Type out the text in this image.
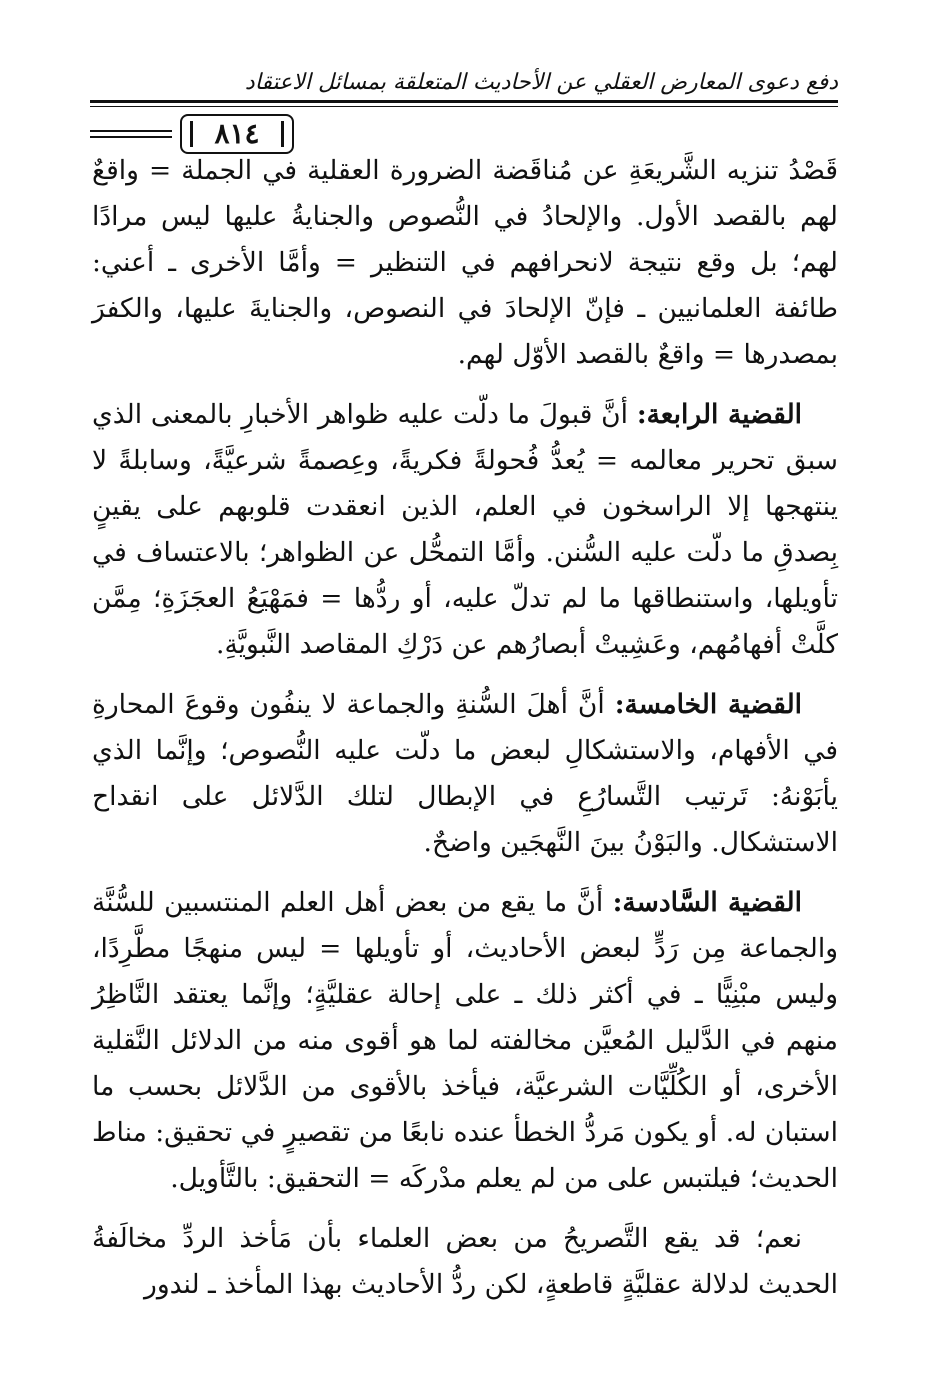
دفع دعوى المعارض العقلي عن الأحاديث المتعلقة بمسائل الاعتقاد
٨١٤

قَصْدُ تنزيه الشَّريعَةِ عن مُناقَضة الضرورة العقلية في الجملة = واقعٌ لهم بالقصد الأول. والإلحادُ في النُّصوص والجنايةُ عليها ليس مرادًا لهم؛ بل وقع نتيجة لانحرافهم في التنظير = وأمَّا الأخرى ـ أعني: طائفة العلمانيين ـ فإنّ الإلحادَ في النصوص، والجنايةَ عليها، والكفرَ بمصدرها = واقعٌ بالقصد الأوّل لهم.

القضية الرابعة: أنَّ قبولَ ما دلّت عليه ظواهر الأخبارِ بالمعنى الذي سبق تحرير معالمه = يُعدُّ فُحولةً فكريةً، وعِصمةً شرعيَّةً، وسابلةً لا ينتهجها إلا الراسخون في العلم، الذين انعقدت قلوبهم على يقينٍ بِصدقِ ما دلّت عليه السُّنن. وأمَّا التمحُّل عن الظواهر؛ بالاعتساف في تأويلها، واستنطاقها ما لم تدلّ عليه، أو ردُّها = فمَهْيَعُ العجَزَةِ؛ مِمَّن كلَّتْ أفهامُهم، وعَشِيتْ أبصارُهم عن دَرْكِ المقاصد النَّبويَّةِ.

القضية الخامسة: أنَّ أهلَ السُّنةِ والجماعة لا ينفُون وقوعَ المحارةِ في الأفهام، والاستشكالِ لبعض ما دلّت عليه النُّصوص؛ وإنَّما الذي يأبَوْنهُ: تَرتيب التَّسارُعِ في الإبطال لتلك الدَّلائل على انقداح الاستشكال. والبَوْنُ بينَ النَّهجَين واضحٌ.

القضية السَّادسة: أنَّ ما يقع من بعض أهل العلم المنتسبين للسُّنَّة والجماعة مِن رَدٍّ لبعض الأحاديث، أو تأويلها = ليس منهجًا مطَّرِدًا، وليس مبْنِيًّا ـ في أكثر ذلك ـ على إحالة عقليَّةٍ؛ وإنَّما يعتقد النَّاظِرُ منهم في الدَّليل المُعيَّن مخالفته لما هو أقوى منه من الدلائل النَّقلية الأخرى، أو الكُلِّيَّات الشرعيَّة، فيأخذ بالأقوى من الدَّلائل بحسب ما استبان له. أو يكون مَردُّ الخطأ عنده نابعًا من تقصيرٍ في تحقيق: مناط الحديث؛ فيلتبس على من لم يعلم مدْركَه = التحقيق: بالتَّأويل.

نعم؛ قد يقع التَّصريحُ من بعض العلماء بأن مَأخذ الردِّ مخالَفةُ الحديث لدلالة عقليَّةٍ قاطعةٍ، لكن ردُّ الأحاديث بهذا المأخذ ـ لندور
